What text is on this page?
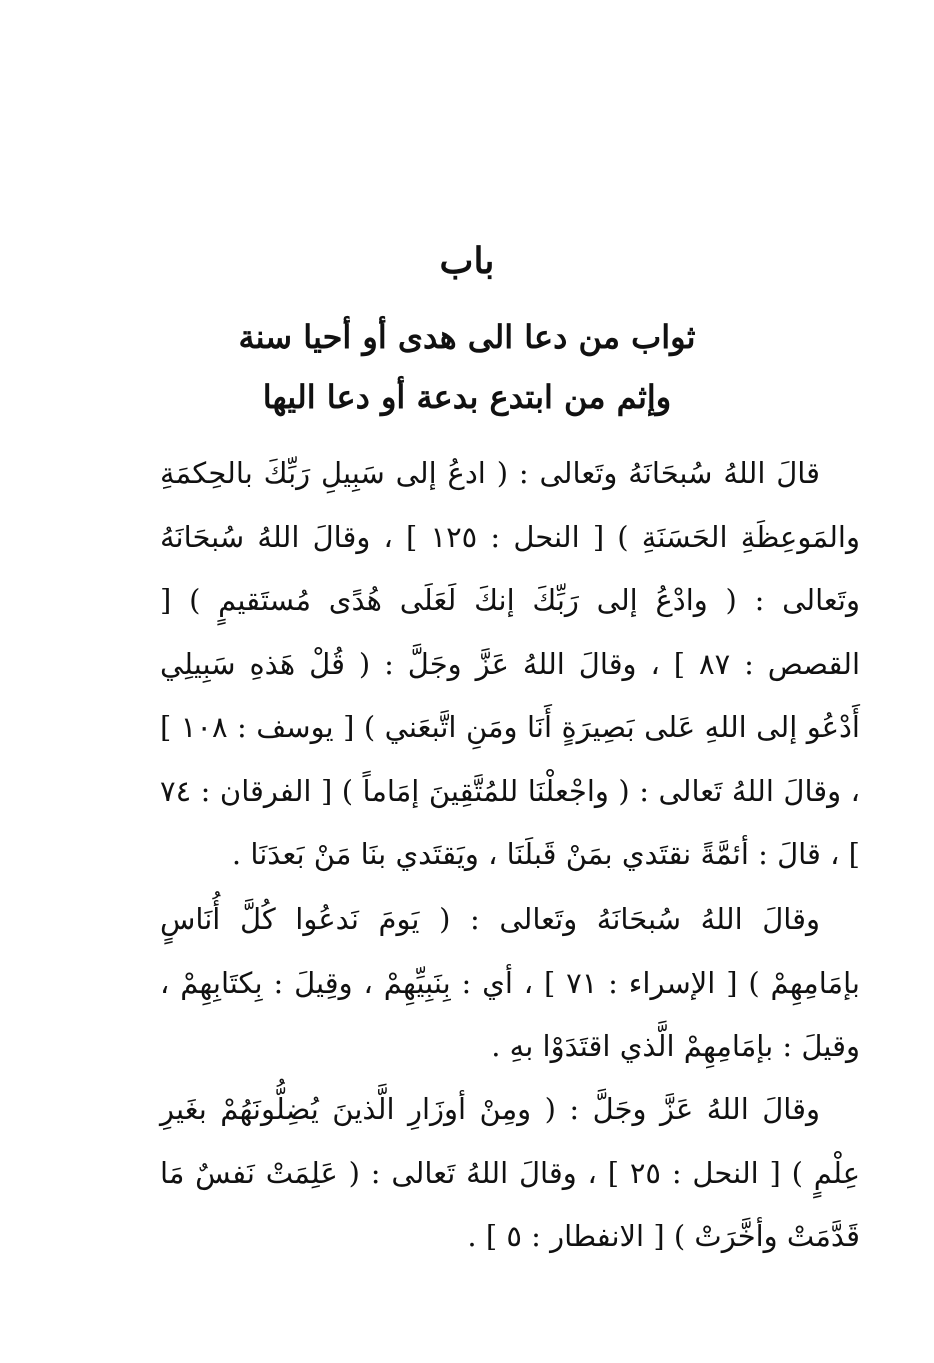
باب
ثواب من دعا الى هدى أو أحيا سنة
وإثم من ابتدع بدعة أو دعا اليها

قالَ اللهُ سُبحَانَهُ وتَعالى : ( ادعُ إلى سَبِيلِ رَبِّكَ بالحِكمَةِ والمَوعِظَةِ الحَسَنَةِ ) [ النحل : ١٢٥ ] ، وقالَ اللهُ سُبحَانَهُ وتَعالى : ( وادْعُ إلى رَبِّكَ إنكَ لَعَلَى هُدًى مُستَقيمٍ ) [ القصص : ٨٧ ] ، وقالَ اللهُ عَزَّ وجَلَّ : ( قُلْ هَذهِ سَبِيلِي أَدْعُو إلى اللهِ عَلى بَصِيرَةٍ أَنَا ومَنِ اتَّبعَني ) [ يوسف : ١٠٨ ] ، وقالَ اللهُ تَعالى : ( واجْعلْنَا للمُتَّقِينَ إمَاماً ) [ الفرقان : ٧٤ ] ، قالَ : أئمَّةً نقتَدي بمَنْ قَبلَنَا ، ويَقتَدي بنَا مَنْ بَعدَنَا .

وقالَ اللهُ سُبحَانَهُ وتَعالى : ( يَومَ نَدعُوا كُلَّ أُنَاسٍ بإمَامِهِمْ ) [ الإسراء : ٧١ ] ، أي : بِنَبِيِّهِمْ ، وقِيلَ : بِكتَابِهِمْ ، وقيلَ : بإمَامِهِمْ الَّذي اقتَدَوْا بهِ .

وقالَ اللهُ عَزَّ وجَلَّ : ( ومِنْ أوزَارِ الَّذينَ يُضِلُّونَهُمْ بغَيرِ عِلْمٍ ) [ النحل : ٢٥ ] ، وقالَ اللهُ تَعالى : ( عَلِمَتْ نَفسٌ مَا قَدَّمَتْ وأخَّرَتْ ) [ الانفطار : ٥ ] .
